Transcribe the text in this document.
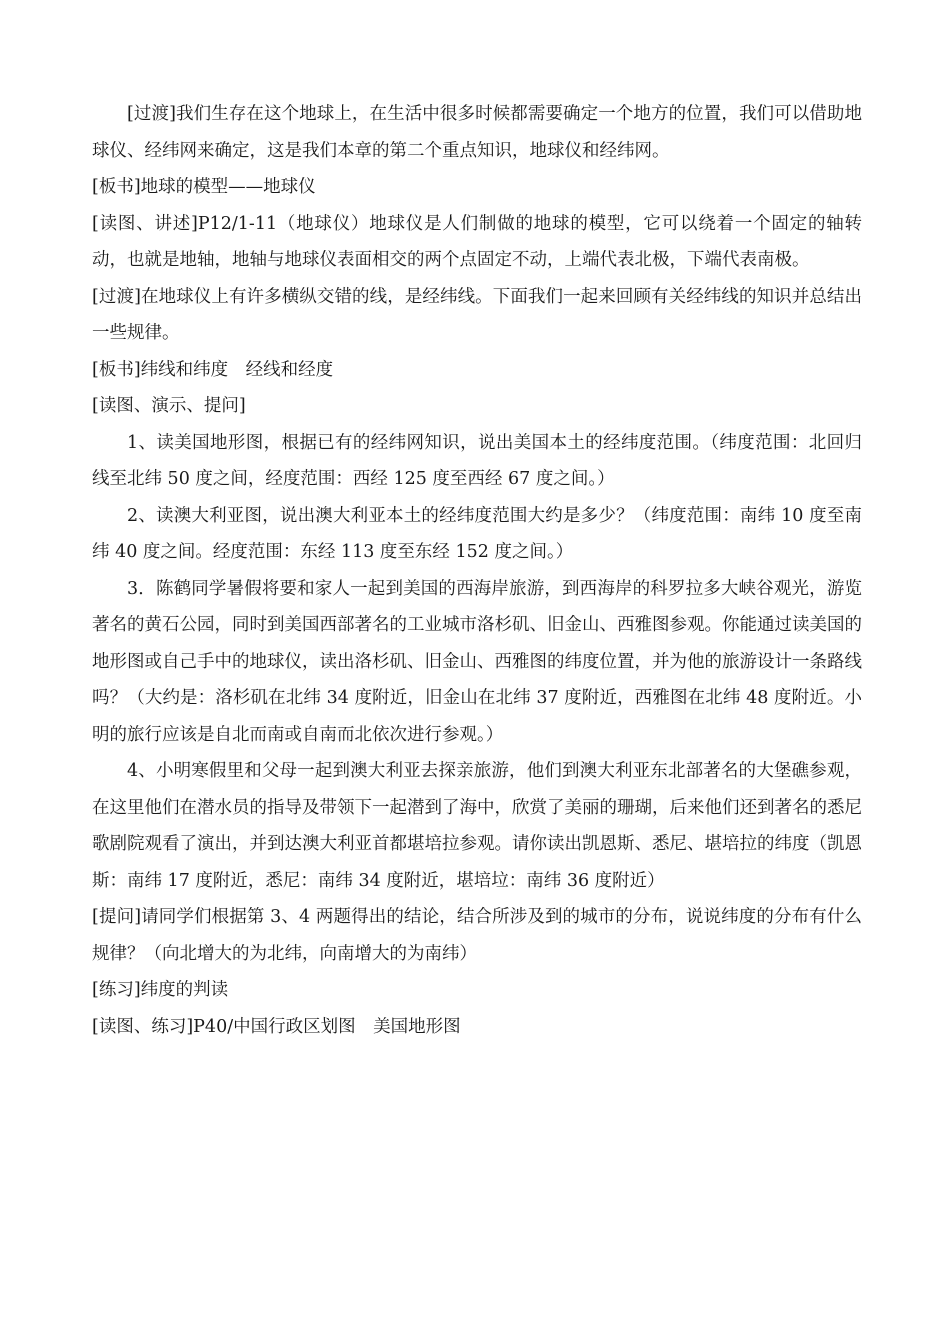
[过渡]我们生存在这个地球上，在生活中很多时候都需要确定一个地方的位置，我们可以借助地球仪、经纬网来确定，这是我们本章的第二个重点知识，地球仪和经纬网。

[板书]地球的模型——地球仪

[读图、讲述]P12/1-11（地球仪）地球仪是人们制做的地球的模型，它可以绕着一个固定的轴转动，也就是地轴，地轴与地球仪表面相交的两个点固定不动，上端代表北极，下端代表南极。

[过渡]在地球仪上有许多横纵交错的线，是经纬线。下面我们一起来回顾有关经纬线的知识并总结出一些规律。

[板书]纬线和纬度　经线和经度

[读图、演示、提问]

1、读美国地形图，根据已有的经纬网知识，说出美国本土的经纬度范围。（纬度范围：北回归线至北纬 50 度之间，经度范围：西经 125 度至西经 67 度之间。）

2、读澳大利亚图，说出澳大利亚本土的经纬度范围大约是多少？（纬度范围：南纬 10 度至南纬 40 度之间。经度范围：东经 113 度至东经 152 度之间。）

3．陈鹤同学暑假将要和家人一起到美国的西海岸旅游，到西海岸的科罗拉多大峡谷观光，游览著名的黄石公园，同时到美国西部著名的工业城市洛杉矶、旧金山、西雅图参观。你能通过读美国的地形图或自己手中的地球仪，读出洛杉矶、旧金山、西雅图的纬度位置，并为他的旅游设计一条路线吗？（大约是：洛杉矶在北纬 34 度附近，旧金山在北纬 37 度附近，西雅图在北纬 48 度附近。小明的旅行应该是自北而南或自南而北依次进行参观。）

4、小明寒假里和父母一起到澳大利亚去探亲旅游，他们到澳大利亚东北部著名的大堡礁参观，在这里他们在潜水员的指导及带领下一起潜到了海中，欣赏了美丽的珊瑚，后来他们还到著名的悉尼歌剧院观看了演出，并到达澳大利亚首都堪培拉参观。请你读出凯恩斯、悉尼、堪培拉的纬度（凯恩斯：南纬 17 度附近，悉尼：南纬 34 度附近，堪培垃：南纬 36 度附近）

[提问]请同学们根据第 3、4 两题得出的结论，结合所涉及到的城市的分布，说说纬度的分布有什么规律？（向北增大的为北纬，向南增大的为南纬）

[练习]纬度的判读

[读图、练习]P40/中国行政区划图　美国地形图
